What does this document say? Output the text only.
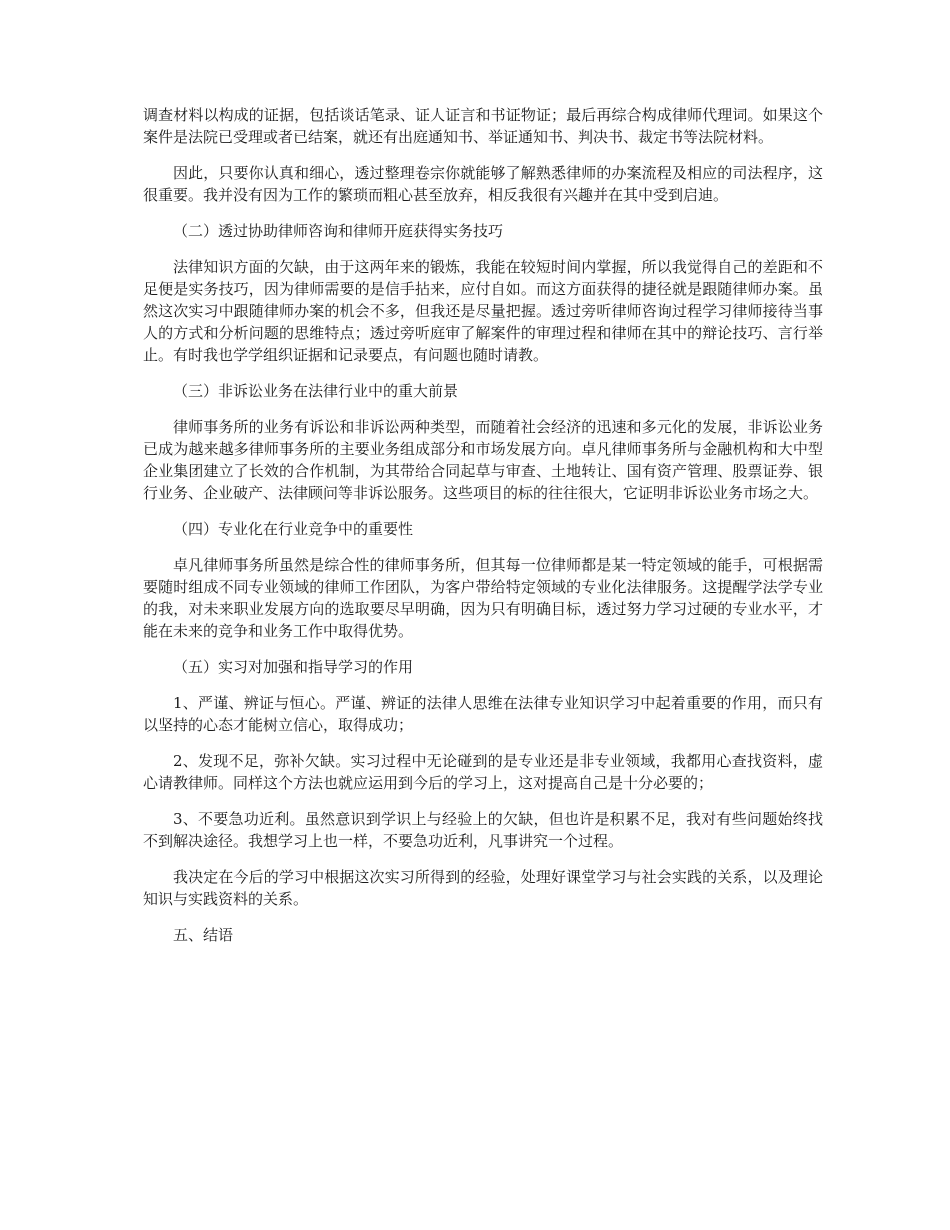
调查材料以构成的证据，包括谈话笔录、证人证言和书证物证；最后再综合构成律师代理词。如果这个案件是法院已受理或者已结案，就还有出庭通知书、举证通知书、判决书、裁定书等法院材料。

因此，只要你认真和细心，透过整理卷宗你就能够了解熟悉律师的办案流程及相应的司法程序，这很重要。我并没有因为工作的繁琐而粗心甚至放弃，相反我很有兴趣并在其中受到启迪。

（二）透过协助律师咨询和律师开庭获得实务技巧

法律知识方面的欠缺，由于这两年来的锻炼，我能在较短时间内掌握，所以我觉得自己的差距和不足便是实务技巧，因为律师需要的是信手拈来，应付自如。而这方面获得的捷径就是跟随律师办案。虽然这次实习中跟随律师办案的机会不多，但我还是尽量把握。透过旁听律师咨询过程学习律师接待当事人的方式和分析问题的思维特点；透过旁听庭审了解案件的审理过程和律师在其中的辩论技巧、言行举止。有时我也学学组织证据和记录要点，有问题也随时请教。

（三）非诉讼业务在法律行业中的重大前景

律师事务所的业务有诉讼和非诉讼两种类型，而随着社会经济的迅速和多元化的发展，非诉讼业务已成为越来越多律师事务所的主要业务组成部分和市场发展方向。卓凡律师事务所与金融机构和大中型企业集团建立了长效的合作机制，为其带给合同起草与审查、土地转让、国有资产管理、股票证券、银行业务、企业破产、法律顾问等非诉讼服务。这些项目的标的往往很大，它证明非诉讼业务市场之大。

（四）专业化在行业竞争中的重要性

卓凡律师事务所虽然是综合性的律师事务所，但其每一位律师都是某一特定领域的能手，可根据需要随时组成不同专业领域的律师工作团队，为客户带给特定领域的专业化法律服务。这提醒学法学专业的我，对未来职业发展方向的选取要尽早明确，因为只有明确目标，透过努力学习过硬的专业水平，才能在未来的竞争和业务工作中取得优势。

（五）实习对加强和指导学习的作用

1、严谨、辨证与恒心。严谨、辨证的法律人思维在法律专业知识学习中起着重要的作用，而只有以坚持的心态才能树立信心，取得成功；

2、发现不足，弥补欠缺。实习过程中无论碰到的是专业还是非专业领域，我都用心查找资料，虚心请教律师。同样这个方法也就应运用到今后的学习上，这对提高自己是十分必要的；

3、不要急功近利。虽然意识到学识上与经验上的欠缺，但也许是积累不足，我对有些问题始终找不到解决途径。我想学习上也一样，不要急功近利，凡事讲究一个过程。

我决定在今后的学习中根据这次实习所得到的经验，处理好课堂学习与社会实践的关系，以及理论知识与实践资料的关系。

五、结语
